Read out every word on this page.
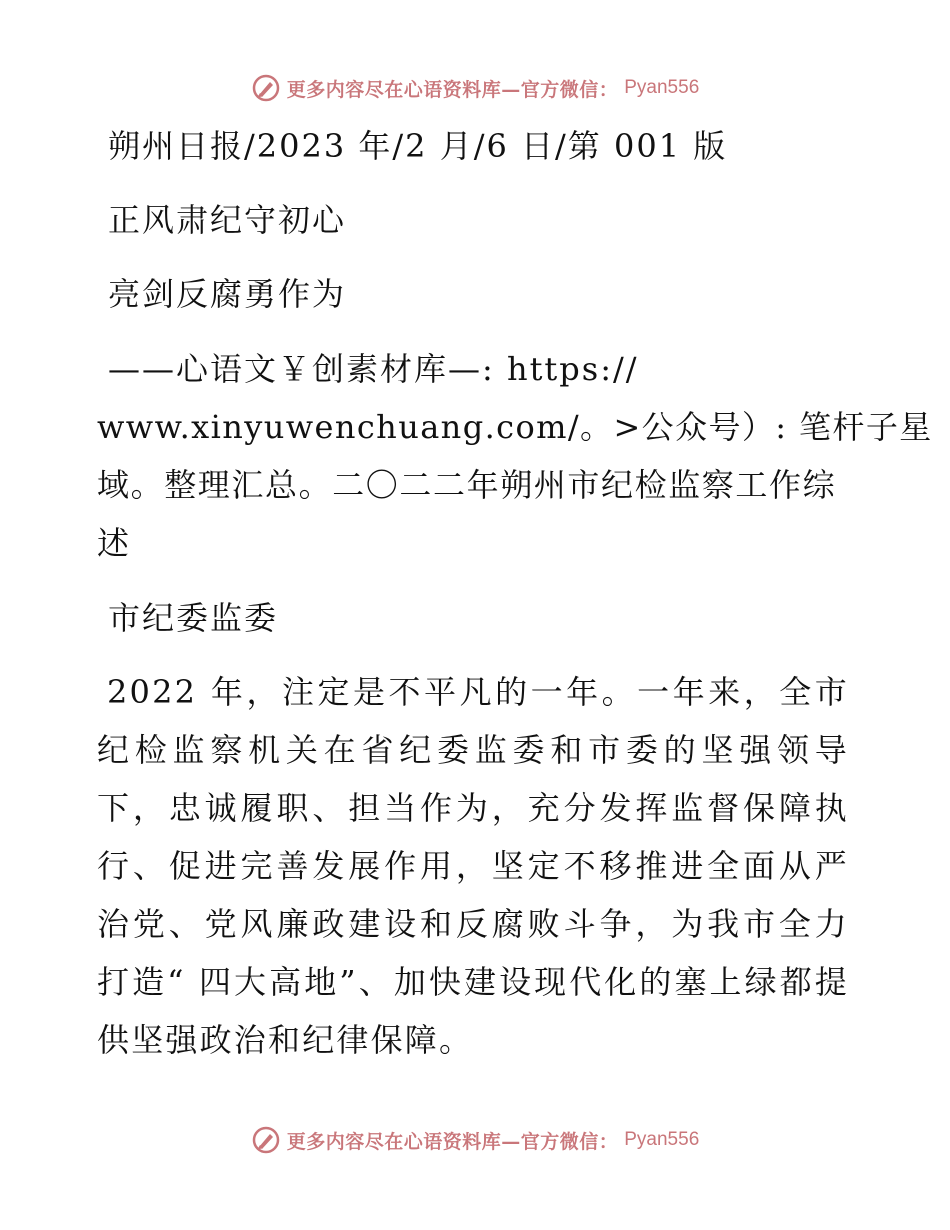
更多内容尽在心语资料库—官方微信： Pyan556
朔州日报/2023 年/2 月/6 日/第 001 版
正风肃纪守初心
亮剑反腐勇作为
——心语文￥创素材库—: https://
www.xinyuwenchuang.com/。>公众号）: 笔杆子星
域。整理汇总。二〇二二年朔州市纪检监察工作综
述
市纪委监委
2022 年，注定是不平凡的一年。一年来，全市纪检监察机关在省纪委监委和市委的坚强领导下，忠诚履职、担当作为，充分发挥监督保障执行、促进完善发展作用，坚定不移推进全面从严治党、党风廉政建设和反腐败斗争，为我市全力打造“ 四大高地”、加快建设现代化的塞上绿都提供坚强政治和纪律保障。
更多内容尽在心语资料库—官方微信： Pyan556
